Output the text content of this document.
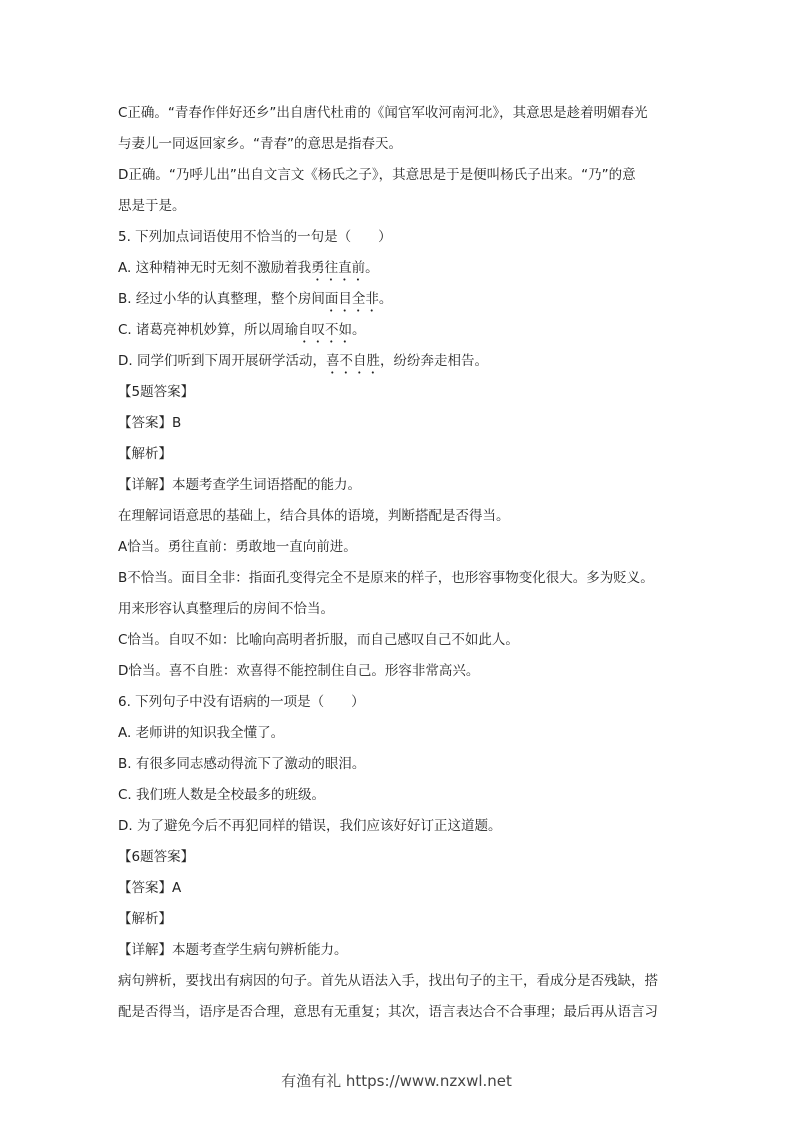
C正确。“青春作伴好还乡”出自唐代杜甫的《闻官军收河南河北》，其意思是趁着明媚春光
与妻儿一同返回家乡。“青春”的意思是指春天。
D正确。“乃呼儿出”出自文言文《杨氏之子》，其意思是于是便叫杨氏子出来。“乃”的意
思是于是。
5. 下列加点词语使用不恰当的一句是（　　）
A. 这种精神无时无刻不激励着我勇往直前。
B. 经过小华的认真整理，整个房间面目全非。
C. 诸葛亮神机妙算，所以周瑜自叹不如。
D. 同学们听到下周开展研学活动，喜不自胜，纷纷奔走相告。
【5题答案】
【答案】B
【解析】
【详解】本题考查学生词语搭配的能力。
在理解词语意思的基础上，结合具体的语境，判断搭配是否得当。
A恰当。勇往直前：勇敢地一直向前进。
B不恰当。面目全非：指面孔变得完全不是原来的样子，也形容事物变化很大。多为贬义。
用来形容认真整理后的房间不恰当。
C恰当。自叹不如：比喻向高明者折服，而自己感叹自己不如此人。
D恰当。喜不自胜：欢喜得不能控制住自己。形容非常高兴。
6. 下列句子中没有语病的一项是（　　）
A. 老师讲的知识我全懂了。
B. 有很多同志感动得流下了激动的眼泪。
C. 我们班人数是全校最多的班级。
D. 为了避免今后不再犯同样的错误，我们应该好好订正这道题。
【6题答案】
【答案】A
【解析】
【详解】本题考查学生病句辨析能力。
病句辨析，要找出有病因的句子。首先从语法入手，找出句子的主干，看成分是否残缺，搭
配是否得当，语序是否合理，意思有无重复；其次，语言表达合不合事理；最后再从语言习
有渔有礼 https://www.nzxwl.net
